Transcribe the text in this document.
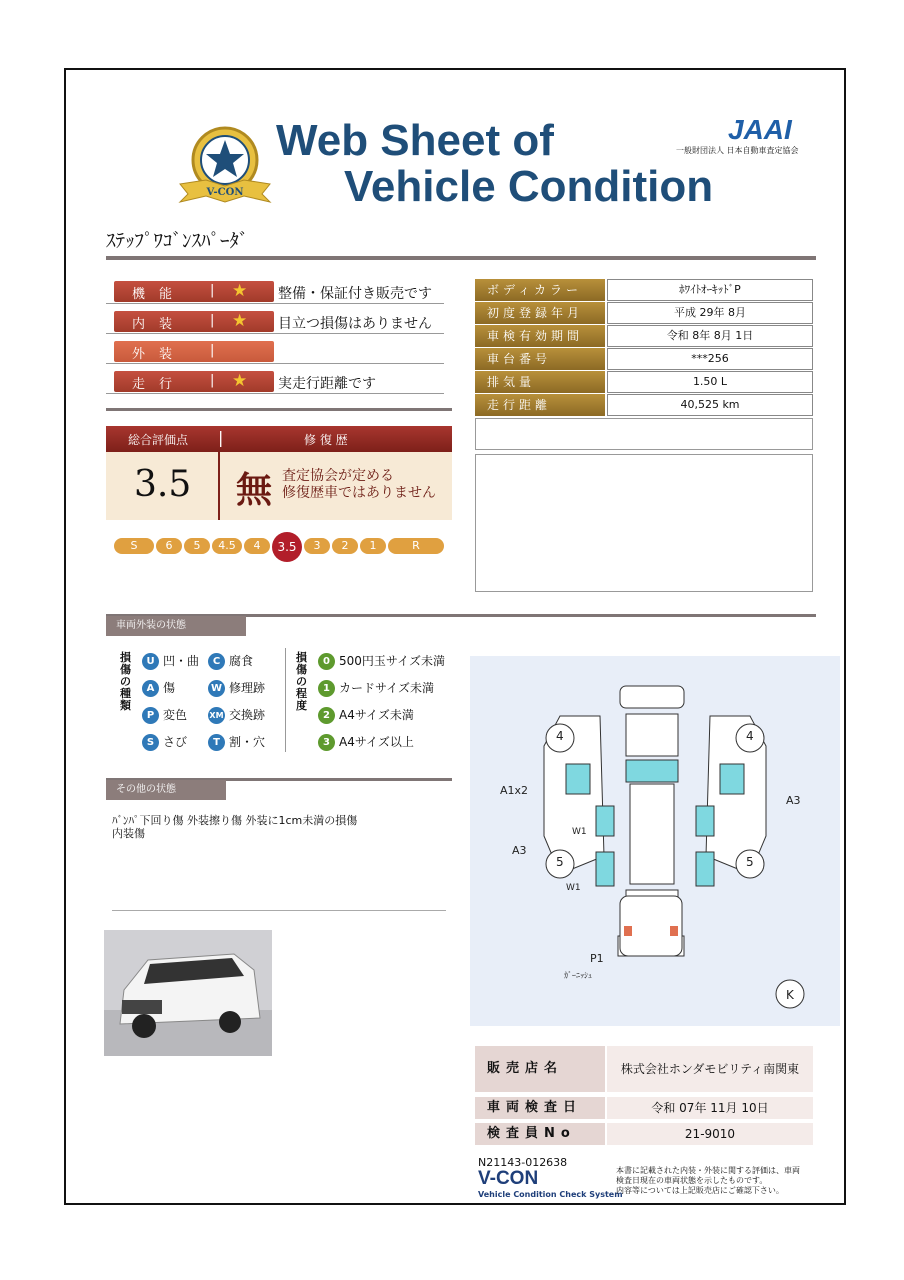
V-CON
Web Sheet of
Vehicle Condition
JAAI
一般財団法人 日本自動車査定協会
ｽﾃｯﾌﾟﾜｺﾞﾝｽﾊﾟｰﾀﾞ
機能 | ★ 整備・保証付き販売です
内装 | ★ 目立つ損傷はありません
外装 |
走行 | ★ 実走行距離です
ボディカラー	ﾎﾜｲﾄｵｰｷｯﾄﾞP
初度登録年月	平成 29年 8月
車検有効期間	令和 8年 8月 1日
車台番号	***256
排気量	1.50 L
走行距離	40,525 km
総合評価点 |	修 復 歴
3.5 無 査定協会が定める
修復歴車ではありません
S	6	5	4.5	4	3.5	3	2	1	R
車両外装の状態
損傷の種類
U 凹・曲	C 腐食
A 傷	W 修理跡
P 変色	XM 交換跡
S さび	T 割・穴
損傷の程度
0 500円玉サイズ未満
1 カードサイズ未満
2 A4サイズ未満
3 A4サイズ以上
その他の状態
ﾊﾞﾝﾊﾟ下回り傷 外装擦り傷 外装に1cm未満の損傷
内装傷
A1x2
A3
A3
W1
W1
P1
ｶﾞｰﾆｯｼｭ
4	4
5	5
K
販売店名	株式会社ホンダモビリティ南関東
車両検査日	令和 07年 11月 10日
検査員No	21-9010
N21143-012638
V-CON
Vehicle Condition Check System
本書に記載された内装・外装に関する評価は、車両
検査日現在の車両状態を示したものです。
内容等については上記販売店にご確認下さい。
